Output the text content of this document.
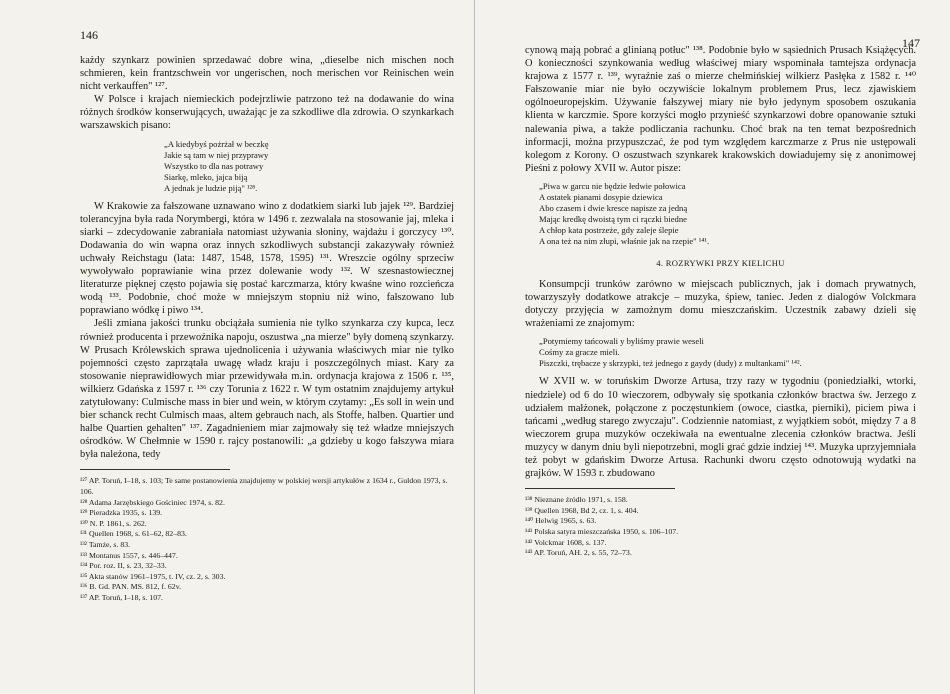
146

każdy szynkarz powinien sprzedawać dobre wina, „dieselbe nich mischen noch schmieren, kein frantzschwein vor ungerischen, noch merischen vor Reinischen wein nicht verkauffen" ¹²⁷.

W Polsce i krajach niemieckich podejrzliwie patrzono też na dodawanie do wina różnych środków konserwujących, uważając je za szkodliwe dla zdrowia. O szynkarkach warszawskich pisano:

„A kiedybyś pożrżał w beczkę
Jakie są tam w niej przyprawy
Wszystko to dla nas potrawy
Siarkę, mleko, jajca biją
A jednak je ludzie piją" ¹²⁸.

W Krakowie za fałszowane uznawano wino z dodatkiem siarki lub jajek ¹²⁹. Bardziej tolerancyjna była rada Norymbergi, która w 1496 r. zezwalała na stosowanie jaj, mleka i siarki – zdecydowanie zabraniała natomiast używania słoniny, wajdażu i gorczycy ¹³⁰. Dodawania do win wapna oraz innych szkodliwych substancji zakazywały również uchwały Reichstagu (lata: 1487, 1548, 1578, 1595) ¹³¹. Wreszcie ogólny sprzeciw wywoływało poprawianie wina przez dolewanie wody ¹³². W szesnastowiecznej literaturze pięknej często pojawia się postać karczmarza, który kwaśne wino rozcieńcza wodą ¹³³. Podobnie, choć może w mniejszym stopniu niż wino, fałszowano lub poprawiano wódkę i piwo ¹³⁴.

Jeśli zmiana jakości trunku obciążała sumienia nie tylko szynkarza czy kupca, lecz również producenta i przewoźnika napoju, oszustwa „na mierze" były domeną szynkarzy. W Prusach Królewskich sprawa ujednolicenia i używania właściwych miar nie tylko pojemności często zaprzątała uwagę władz kraju i poszczególnych miast. Kary za stosowanie nieprawidłowych miar przewidywała m.in. ordynacja krajowa z 1506 r. ¹³⁵, wilkierz Gdańska z 1597 r. ¹³⁶ czy Torunia z 1622 r. W tym ostatnim znajdujemy artykuł zatytułowany: Culmische mass in bier und wein, w którym czytamy: „Es soll in wein und bier schanck recht Culmisch maas, altem gebrauch nach, als Stoffe, halben. Quartier und halbe Quartien gehalten" ¹³⁷. Zagadnieniem miar zajmowały się też władze mniejszych ośrodków. W Chełmnie w 1590 r. rajcy postanowili: „a gdzieby u kogo fałszywa miara była należona, tedy

¹²⁷ AP. Toruń, I–18, s. 103; Te same postanowienia znajdujemy w polskiej wersji artykułów z 1634 r., Guldon 1973, s. 106.
¹²⁸ Adama Jarzębskiego Gościniec 1974, s. 82.
¹²⁹ Pieradzka 1935, s. 139.
¹³⁰ N. P. 1861, s. 262.
¹³¹ Quellen 1968, s. 61–62, 82–83.
¹³² Tamże, s. 83.
¹³³ Montanus 1557, s. 446–447.
¹³⁴ Por. roz. II, s. 23, 32–33.
¹³⁵ Akta stanów 1961–1975, t. IV, cz. 2, s. 303.
¹³⁶ B. Gd. PAN. MS. 812, f. 62v.
¹³⁷ AP. Toruń, I–18, s. 107.
147

cynową mają pobrać a glinianą potłuc" ¹³⁸. Podobnie było w sąsiednich Prusach Książęcych. O konieczności szynkowania według właściwej miary wspominała tamtejsza ordynacja krajowa z 1577 r. ¹³⁹, wyraźnie zaś o mierze chełmińskiej wilkierz Pasłęka z 1582 r. ¹⁴⁰ Fałszowanie miar nie było oczywiście lokalnym problemem Prus, lecz zjawiskiem ogólnoeuropejskim. Używanie fałszywej miary nie było jedynym sposobem oszukania klienta w karczmie. Spore korzyści mogło przynieść szynkarzowi dobre opanowanie sztuki nalewania piwa, a także podliczania rachunku. Choć brak na ten temat bezpośrednich informacji, można przypuszczać, że pod tym względem karczmarze z Prus nie ustępowali kolegom z Korony. O oszustwach szynkarek krakowskich dowiadujemy się z anonimowej Pieśni z połowy XVII w. Autor pisze:

„Piwa w garcu nie będzie łedwie połowica
A ostatek pianami dosypie dziewica
Abo czasem i dwie kresce napisze za jedną
Mając kredkę dwoistą tym ci rączki biedne
A chłop kata postrzeże, gdy zaleje ślepie
A ona też na nim złupi, właśnie jak na rzepie" ¹⁴¹.
4. ROZRYWKI PRZY KIELICHU

Konsumpcji trunków zarówno w miejscach publicznych, jak i domach prywatnych, towarzyszyły dodatkowe atrakcje – muzyka, śpiew, taniec. Jeden z dialogów Volckmara dotyczy przyjęcia w zamożnym domu mieszczańskim. Uczestnik zabawy dzieli się wrażeniami ze znajomym:

„Potymiemy tańcowali y byliśmy prawie weseli
Cośmy za gracze mieli.
Piszczki, trębacze y skrzypki, też jednego z gaydy (dudy) z multankami" ¹⁴².

W XVII w. w toruńskim Dworze Artusa, trzy razy w tygodniu (poniedziałki, wtorki, niedziele) od 6 do 10 wieczorem, odbywały się spotkania członków bractwa św. Jerzego z udziałem małżonek, połączone z poczęstunkiem (owoce, ciastka, pierniki), piciem piwa i tańcami „według starego zwyczaju". Codziennie natomiast, z wyjątkiem sobót, między 7 a 8 wieczorem grupa muzyków oczekiwała na ewentualne zlecenia członków bractwa. Jeśli muzycy w danym dniu byli niepotrzebni, mogli grać gdzie indziej ¹⁴³. Muzyka uprzyjemniała też pobyt w gdańskim Dworze Artusa. Rachunki dworu często odnotowują wydatki na grajków. W 1593 r. zbudowano

¹³⁸ Nieznane źródło 1971, s. 158.
¹³⁹ Quellen 1968, Bd 2, cz. 1, s. 404.
¹⁴⁰ Helwig 1965, s. 63.
¹⁴¹ Polska satyra mieszczańska 1950, s. 106–107.
¹⁴² Volckmar 1608, s. 137.
¹⁴³ AP. Toruń, AH. 2, s. 55, 72–73.
